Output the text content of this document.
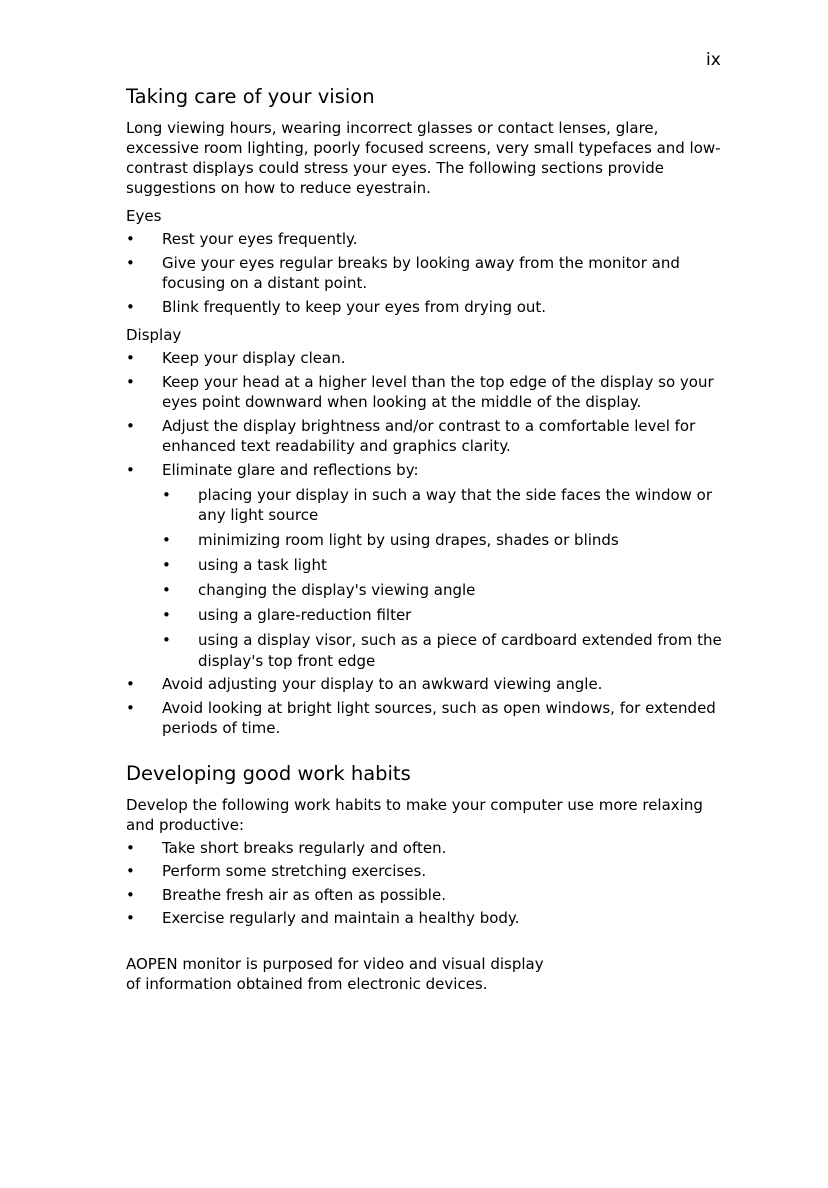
ix
Taking care of your vision

Long viewing hours, wearing incorrect glasses or contact lenses, glare, excessive room lighting, poorly focused screens, very small typefaces and low-contrast displays could stress your eyes. The following sections provide suggestions on how to reduce eyestrain.

Eyes
• Rest your eyes frequently.
• Give your eyes regular breaks by looking away from the monitor and focusing on a distant point.
• Blink frequently to keep your eyes from drying out.
Display
• Keep your display clean.
• Keep your head at a higher level than the top edge of the display so your eyes point downward when looking at the middle of the display.
• Adjust the display brightness and/or contrast to a comfortable level for enhanced text readability and graphics clarity.
• Eliminate glare and reflections by:
• placing your display in such a way that the side faces the window or any light source
• minimizing room light by using drapes, shades or blinds
• using a task light
• changing the display's viewing angle
• using a glare-reduction filter
• using a display visor, such as a piece of cardboard extended from the display's top front edge
• Avoid adjusting your display to an awkward viewing angle.
• Avoid looking at bright light sources, such as open windows, for extended periods of time.
Developing good work habits

Develop the following work habits to make your computer use more relaxing and productive:

• Take short breaks regularly and often.
• Perform some stretching exercises.
• Breathe fresh air as often as possible.
• Exercise regularly and maintain a healthy body.

AOPEN monitor is purposed for video and visual display of information obtained from electronic devices.
